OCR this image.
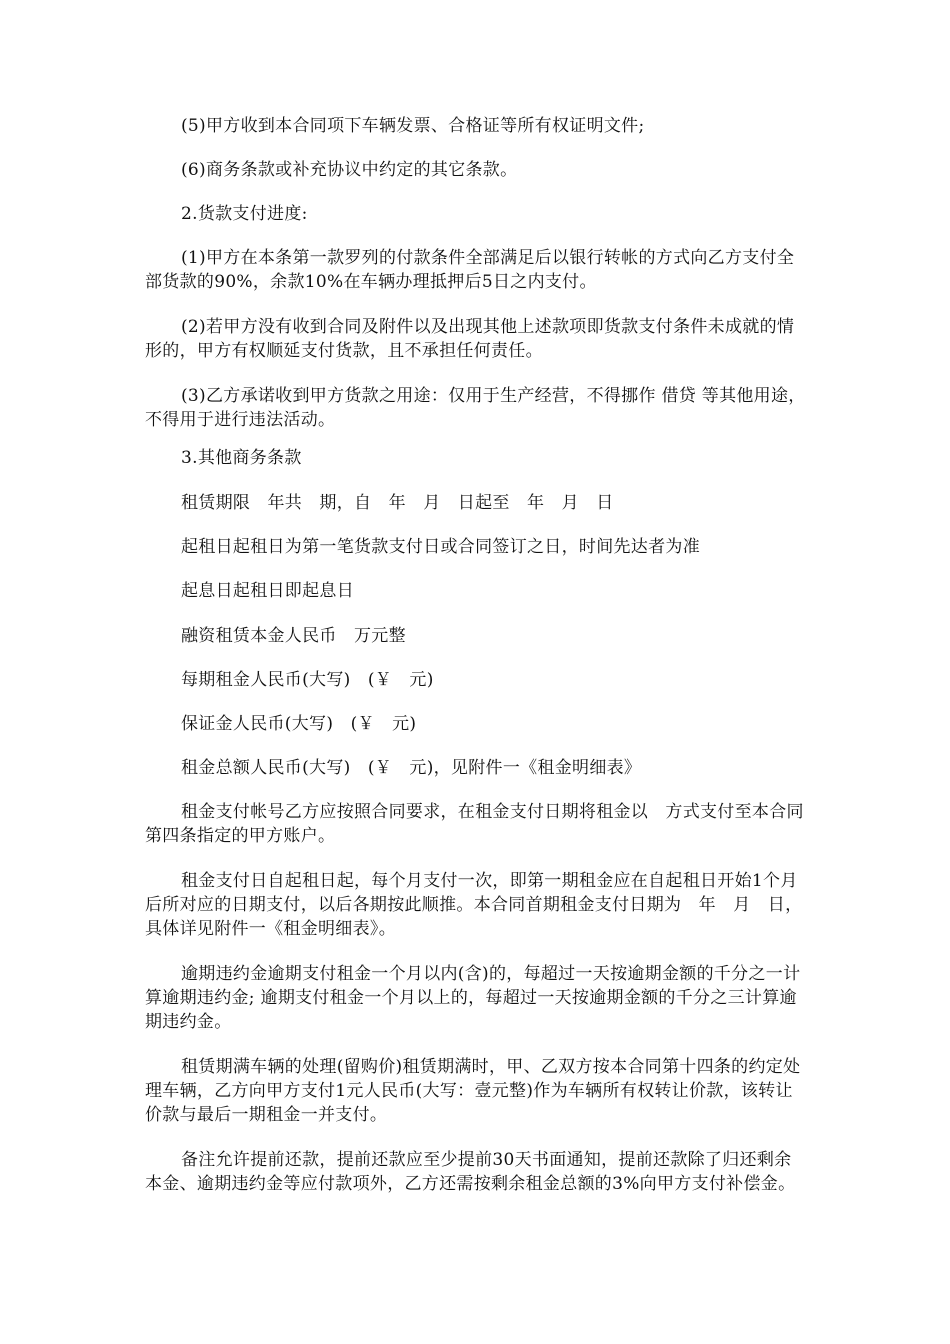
(5)甲方收到本合同项下车辆发票、合格证等所有权证明文件;

(6)商务条款或补充协议中约定的其它条款。

2.货款支付进度:

(1)甲方在本条第一款罗列的付款条件全部满足后以银行转帐的方式向乙方支付全部货款的90%，余款10%在车辆办理抵押后5日之内支付。

(2)若甲方没有收到合同及附件以及出现其他上述款项即货款支付条件未成就的情形的，甲方有权顺延支付货款，且不承担任何责任。

(3)乙方承诺收到甲方货款之用途：仅用于生产经营，不得挪作 借贷 等其他用途，不得用于进行违法活动。

3.其他商务条款

租赁期限　年共　期，自　年　月　日起至　年　月　日

起租日起租日为第一笔货款支付日或合同签订之日，时间先达者为准

起息日起租日即起息日

融资租赁本金人民币　万元整

每期租金人民币(大写)　(￥　元)

保证金人民币(大写)　(￥　元)

租金总额人民币(大写)　(￥　元)，见附件一《租金明细表》

租金支付帐号乙方应按照合同要求，在租金支付日期将租金以　方式支付至本合同第四条指定的甲方账户。

租金支付日自起租日起，每个月支付一次，即第一期租金应在自起租日开始1个月后所对应的日期支付，以后各期按此顺推。本合同首期租金支付日期为　年　月　日，具体详见附件一《租金明细表》。

逾期违约金逾期支付租金一个月以内(含)的，每超过一天按逾期金额的千分之一计算逾期违约金; 逾期支付租金一个月以上的，每超过一天按逾期金额的千分之三计算逾期违约金。

租赁期满车辆的处理(留购价)租赁期满时，甲、乙双方按本合同第十四条的约定处理车辆，乙方向甲方支付1元人民币(大写：壹元整)作为车辆所有权转让价款，该转让价款与最后一期租金一并支付。

备注允许提前还款，提前还款应至少提前30天书面通知，提前还款除了归还剩余本金、逾期违约金等应付款项外，乙方还需按剩余租金总额的3%向甲方支付补偿金。
